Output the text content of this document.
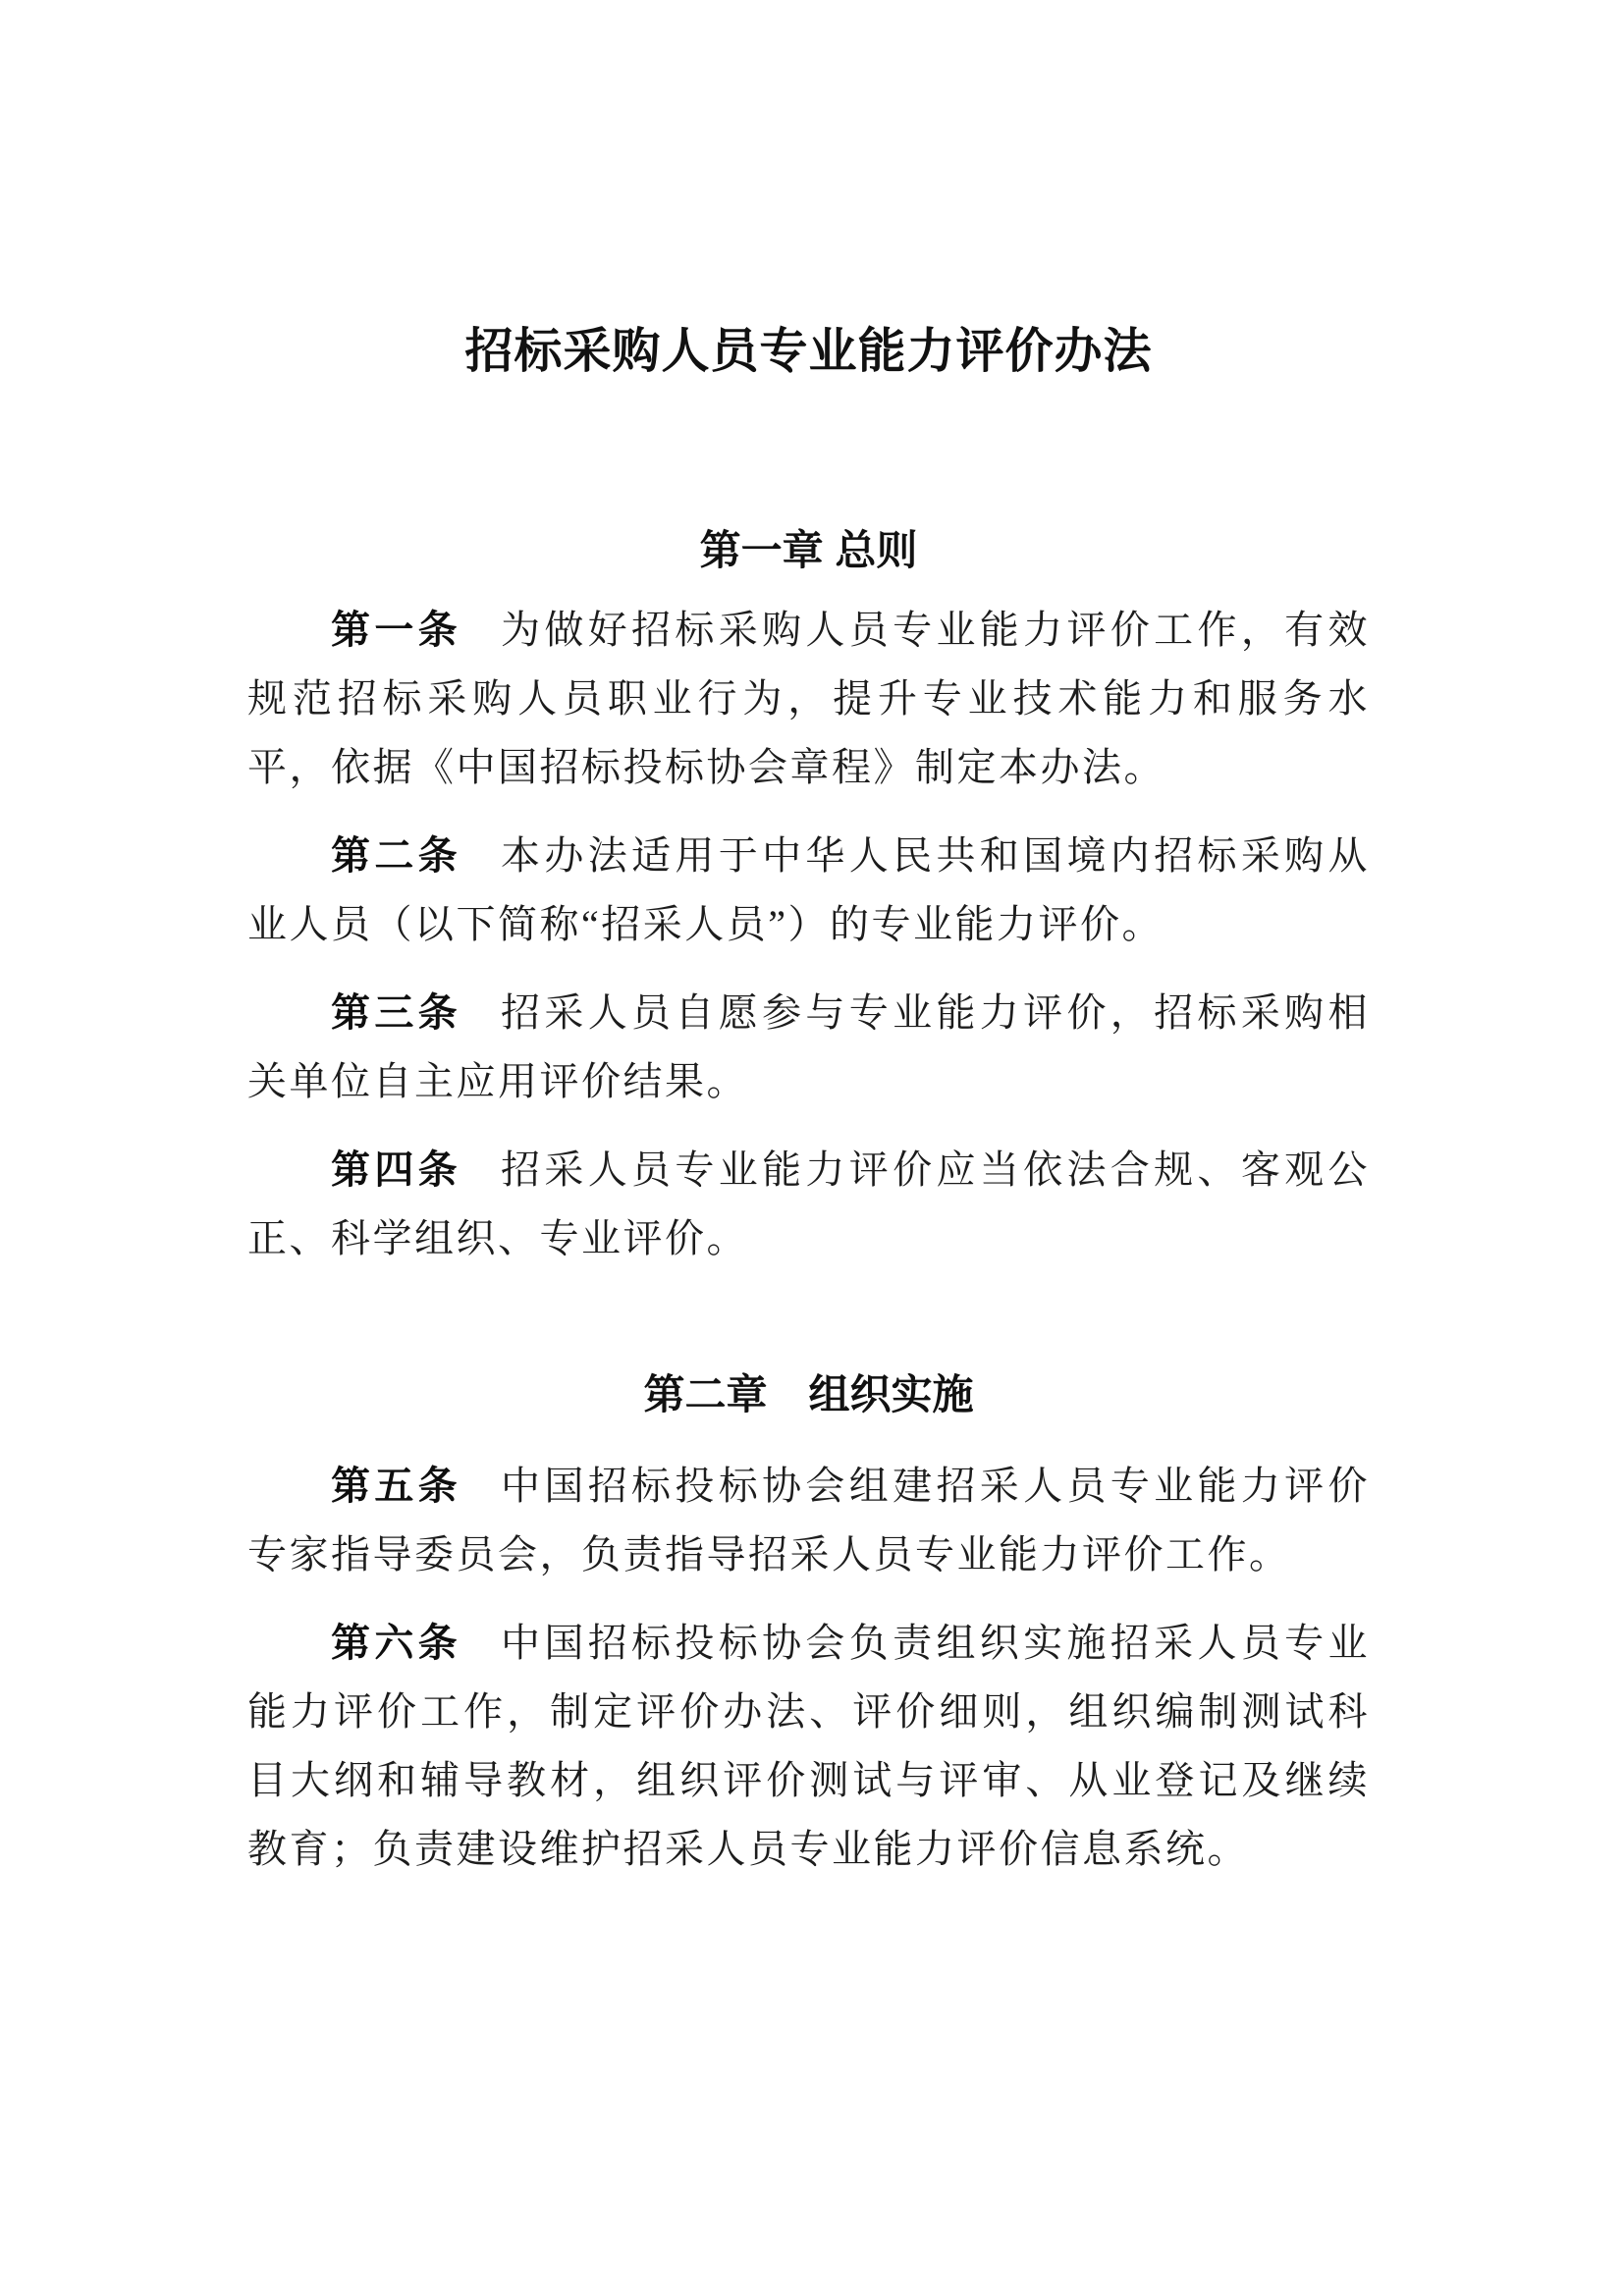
招标采购人员专业能力评价办法
第一章 总则

第一条 为做好招标采购人员专业能力评价工作，有效规范招标采购人员职业行为，提升专业技术能力和服务水平，依据《中国招标投标协会章程》制定本办法。

第二条 本办法适用于中华人民共和国境内招标采购从业人员（以下简称“招采人员”）的专业能力评价。

第三条 招采人员自愿参与专业能力评价，招标采购相关单位自主应用评价结果。

第四条 招采人员专业能力评价应当依法合规、客观公正、科学组织、专业评价。

第二章　组织实施

第五条 中国招标投标协会组建招采人员专业能力评价专家指导委员会，负责指导招采人员专业能力评价工作。

第六条 中国招标投标协会负责组织实施招采人员专业能力评价工作，制定评价办法、评价细则，组织编制测试科目大纲和辅导教材，组织评价测试与评审、从业登记及继续教育；负责建设维护招采人员专业能力评价信息系统。
